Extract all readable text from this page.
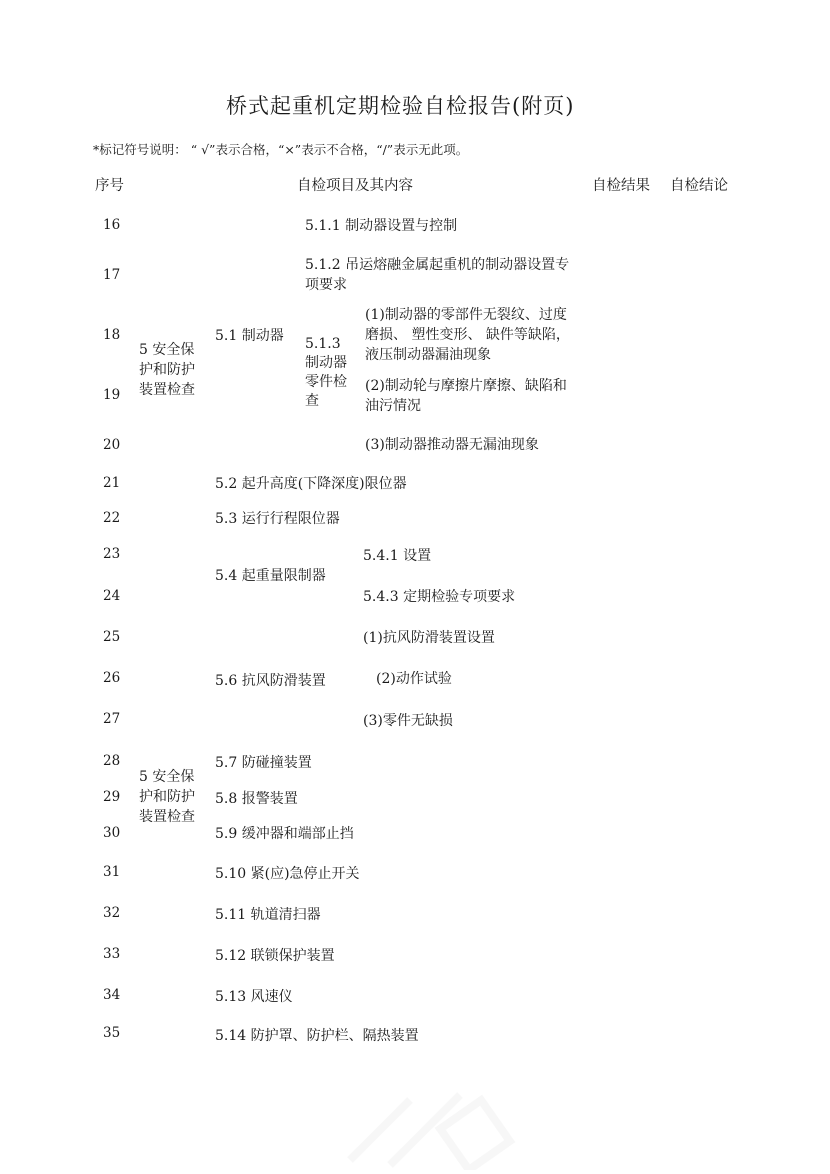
桥式起重机定期检验自检报告(附页)
*标记符号说明： “ √”表示合格，“×”表示不合格，“/”表示无此项。
序号	自检项目及其内容	自检结果 自检结论
16
17
18
19
20
21
22
23
24
25
26
27
28
29
30
31
32
33
34
35
5 安全保护和防护装置检查
5 安全保护和防护装置检查
5.1 制动器 5.1.3 制动器零件检查
5.4 起重量限制器
5.6 抗风防滑装置
5.1.1 制动器设置与控制
5.1.2 吊运熔融金属起重机的制动器设置专项要求
(1)制动器的零部件无裂纹、过度磨损、 塑性变形、 缺件等缺陷，液压制动器漏油现象
(2)制动轮与摩擦片摩擦、缺陷和油污情况
(3)制动器推动器无漏油现象
5.2 起升高度(下降深度)限位器
5.3 运行行程限位器
5.4.1 设置
5.4.3 定期检验专项要求
(1)抗风防滑装置设置
(2)动作试验
(3)零件无缺损
5.7 防碰撞装置
5.8 报警装置
5.9 缓冲器和端部止挡
5.10 紧(应)急停止开关
5.11 轨道清扫器
5.12 联锁保护装置
5.13 风速仪
5.14 防护罩、防护栏、隔热装置
